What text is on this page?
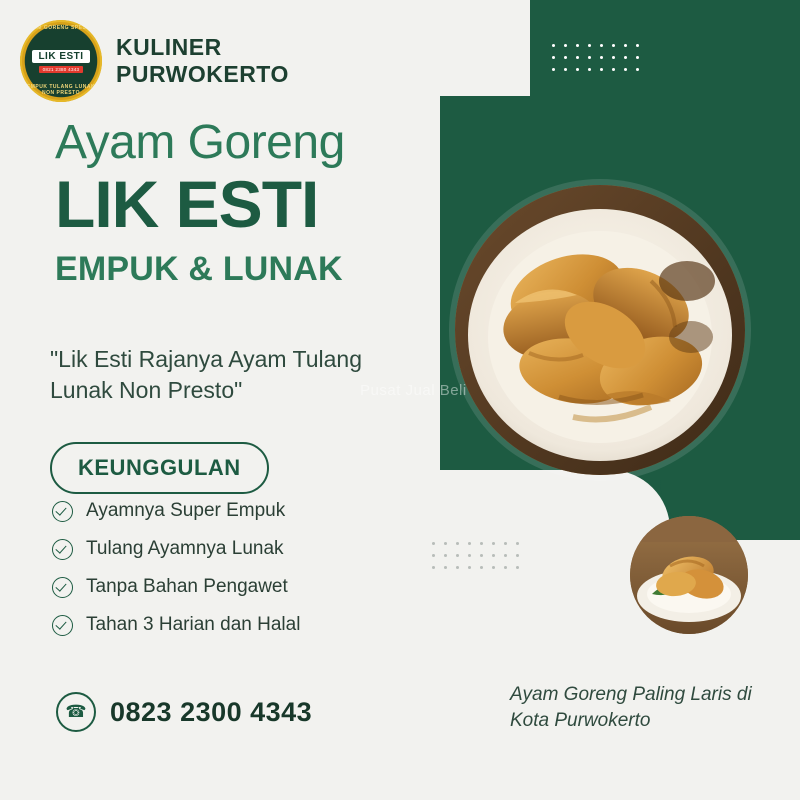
AYAM GORENG SPESIAL
LIK ESTI
0821 2380 4343
EMPUK TULANG LUNAK NON PRESTO
KULINER
PURWOKERTO
Ayam Goreng
LIK ESTI
EMPUK & LUNAK
"Lik Esti Rajanya Ayam Tulang Lunak Non Presto"
KEUNGGULAN
Ayamnya Super Empuk
Tulang Ayamnya Lunak
Tanpa Bahan Pengawet
Tahan 3 Harian dan Halal
☎ 0823 2300 4343
Pusat Jual Beli
Ayam Goreng Paling Laris di Kota Purwokerto
